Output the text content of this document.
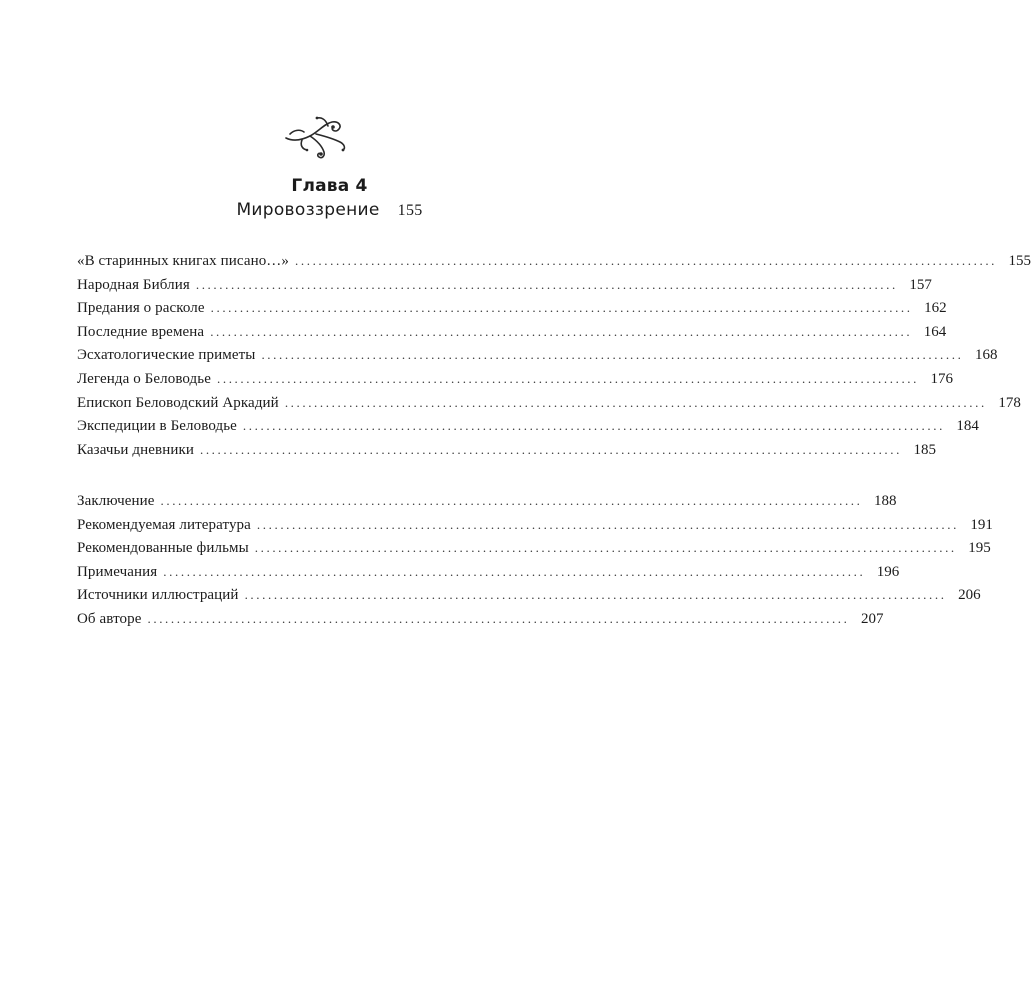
Глава 4
Мировоззрение 155
«В старинных книгах писано…» ........................................................................................................................ 155
Народная Библия ........................................................................................................................ 157
Предания о расколе ........................................................................................................................ 162
Последние времена ........................................................................................................................ 164
Эсхатологические приметы ........................................................................................................................ 168
Легенда о Беловодье ........................................................................................................................ 176
Епископ Беловодский Аркадий ........................................................................................................................ 178
Экспедиции в Беловодье ........................................................................................................................ 184
Казачьи дневники ........................................................................................................................ 185
Заключение ........................................................................................................................ 188
Рекомендуемая литература ........................................................................................................................ 191
Рекомендованные фильмы ........................................................................................................................ 195
Примечания ........................................................................................................................ 196
Источники иллюстраций ........................................................................................................................ 206
Об авторе ........................................................................................................................ 207
